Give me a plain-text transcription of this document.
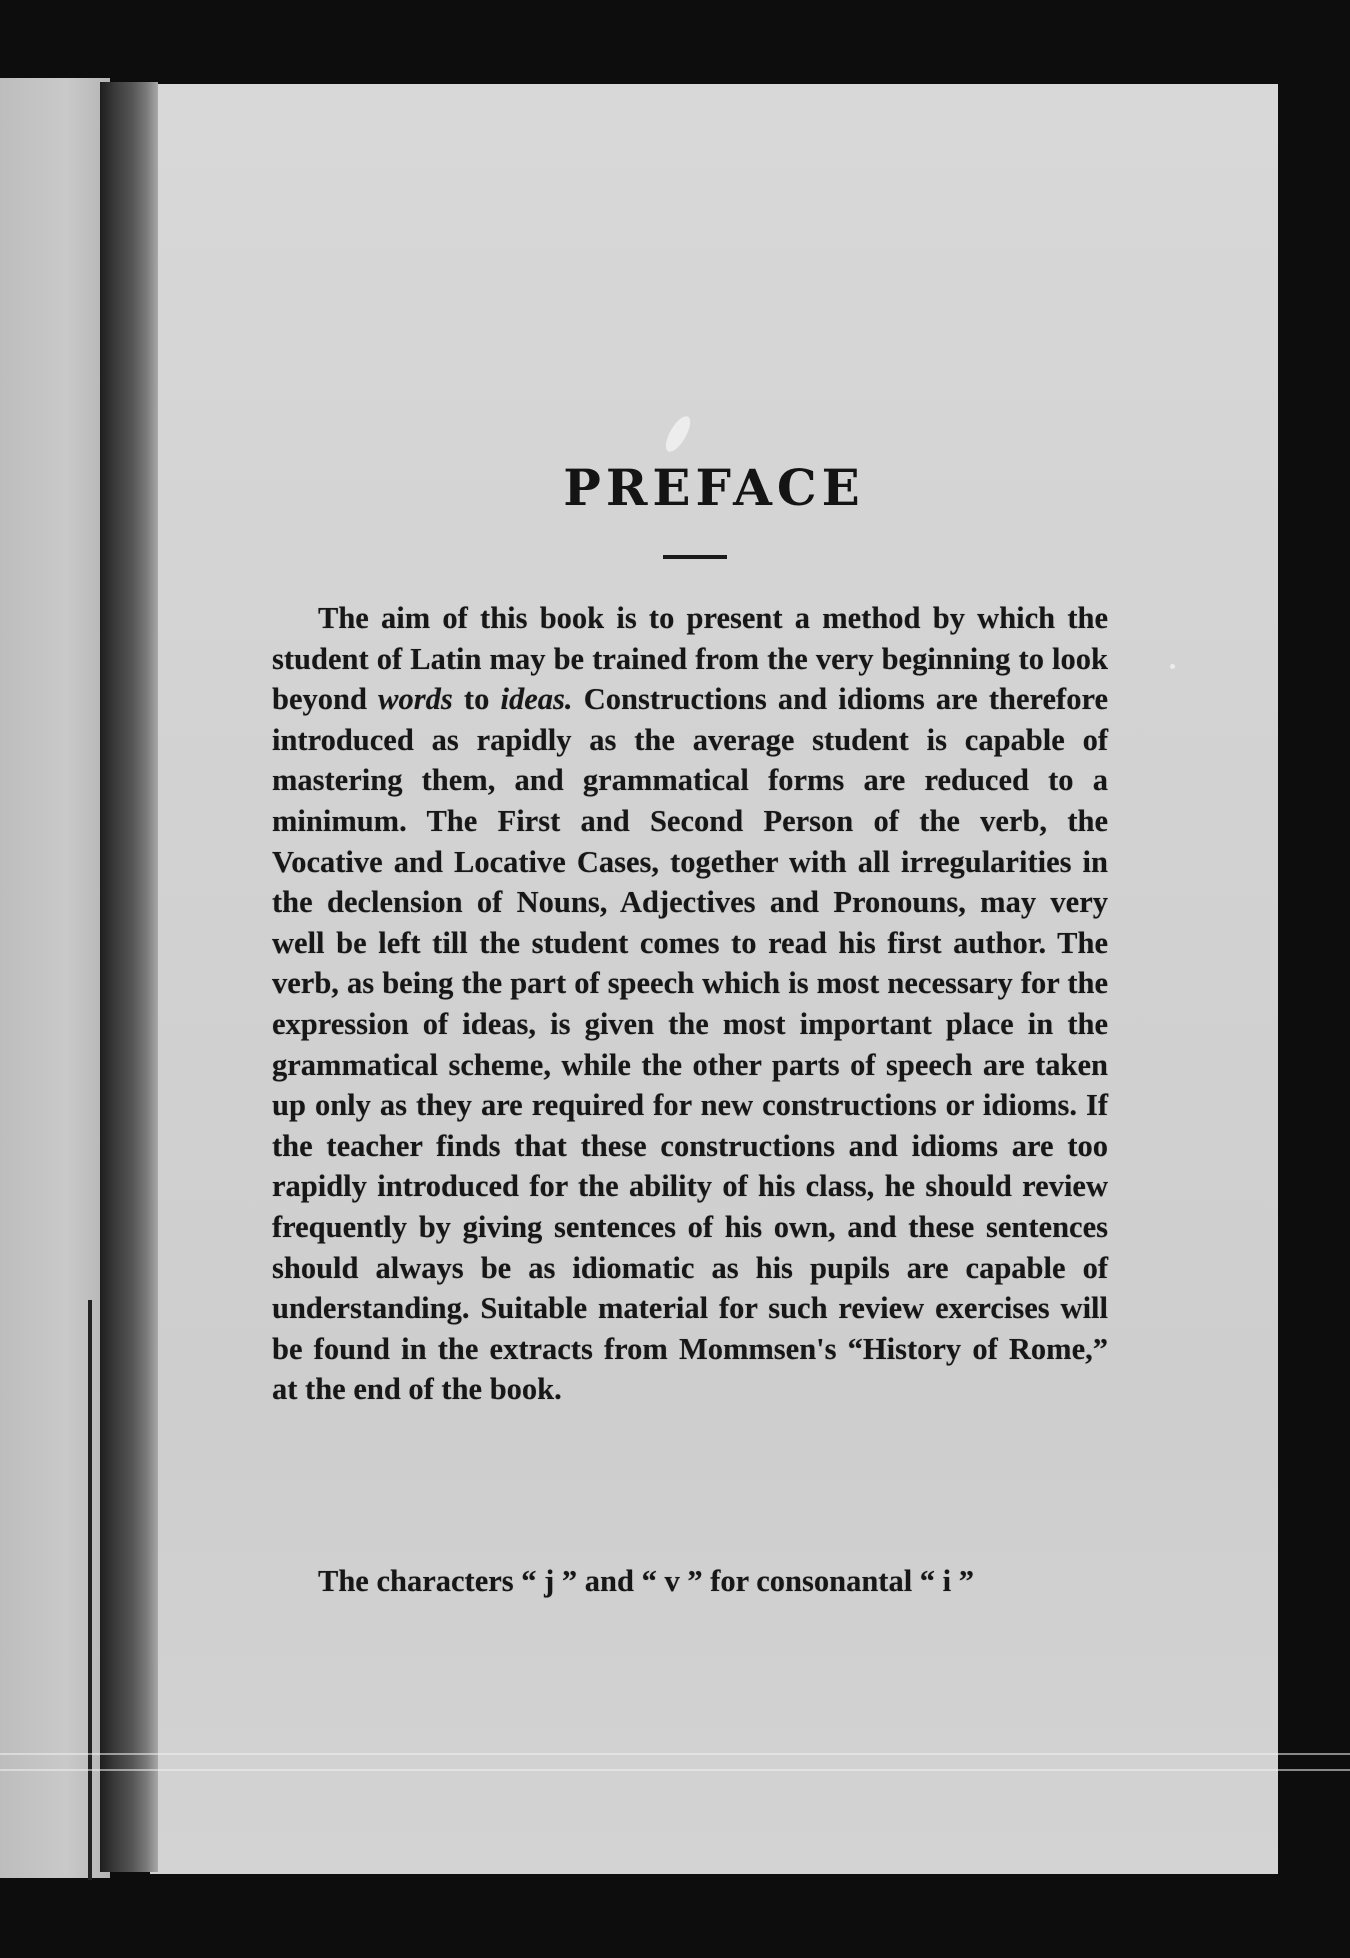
PREFACE

The aim of this book is to present a method by which the student of Latin may be trained from the very beginning to look beyond words to ideas. Constructions and idioms are therefore introduced as rapidly as the average student is capable of mastering them, and grammatical forms are reduced to a minimum. The First and Second Person of the verb, the Vocative and Locative Cases, together with all irregularities in the declension of Nouns, Adjectives and Pronouns, may very well be left till the student comes to read his first author. The verb, as being the part of speech which is most necessary for the expression of ideas, is given the most important place in the grammatical scheme, while the other parts of speech are taken up only as they are required for new constructions or idioms. If the teacher finds that these constructions and idioms are too rapidly introduced for the ability of his class, he should review frequently by giving sentences of his own, and these sentences should always be as idiomatic as his pupils are capable of understanding. Suitable material for such review exercises will be found in the extracts from Mommsen's “History of Rome,” at the end of the book.

The characters “ j ” and “ v ” for consonantal “ i ”
